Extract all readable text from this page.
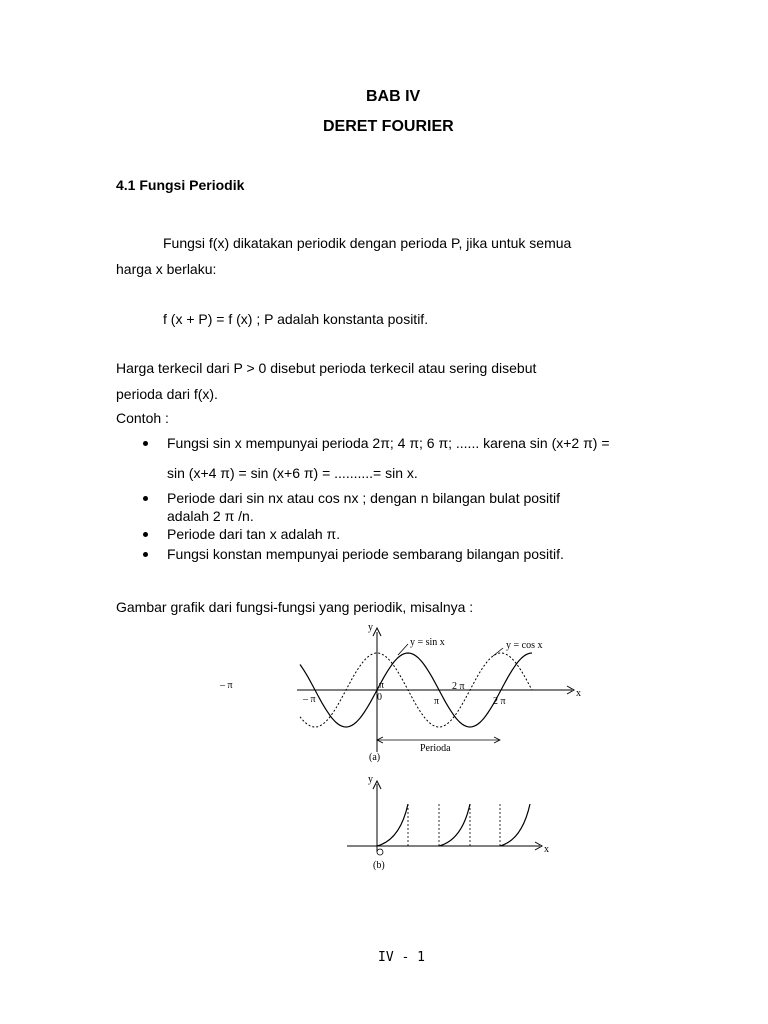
BAB IV
DERET FOURIER
4.1 Fungsi Periodik
Fungsi f(x) dikatakan periodik dengan perioda P, jika untuk semua
harga x berlaku:
f (x + P) = f (x) ; P adalah konstanta positif.
Harga terkecil dari P > 0 disebut perioda terkecil atau sering disebut
perioda dari f(x).
Contoh :
Fungsi sin x mempunyai perioda 2π; 4 π; 6 π; ...... karena sin (x+2 π) =
sin (x+4 π) = sin (x+6 π) = ..........= sin x.
Periode dari sin nx atau cos nx ; dengan n bilangan bulat positif
adalah 2 π /n.
Periode dari tan x adalah π.
Fungsi konstan mempunyai periode sembarang bilangan positif.
Gambar grafik dari fungsi-fungsi yang periodik, misalnya :
y
x
y = sin x	y = cos x
0
π	2 π
– π	π	2 π
Perioda
(a)
– π
y
x
(b)
IV - 1
